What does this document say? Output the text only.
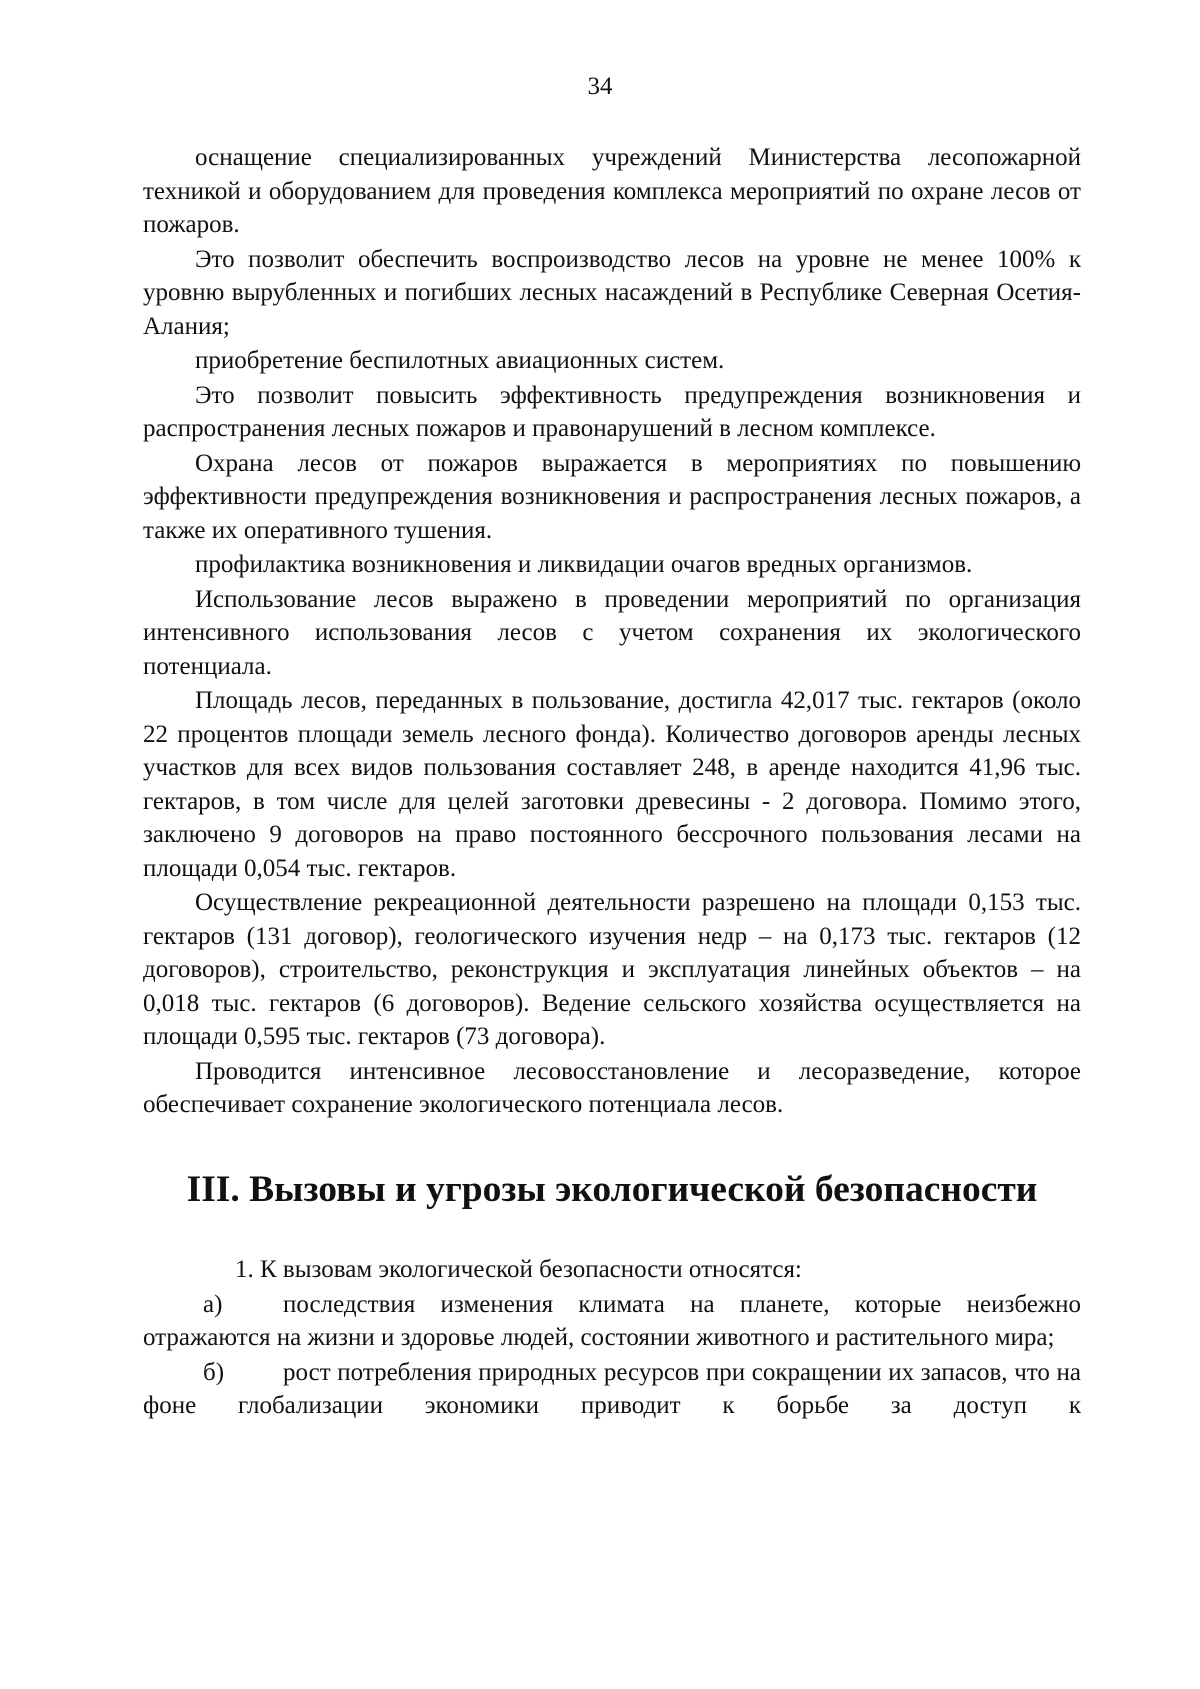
34

оснащение специализированных учреждений Министерства лесопожарной техникой и оборудованием для проведения комплекса мероприятий по охране лесов от пожаров.

Это позволит обеспечить воспроизводство лесов на уровне не менее 100% к уровню вырубленных и погибших лесных насаждений в Республике Северная Осетия-Алания;

приобретение беспилотных авиационных систем.

Это позволит повысить эффективность предупреждения возникновения и распространения лесных пожаров и правонарушений в лесном комплексе.

Охрана лесов от пожаров выражается в мероприятиях по повышению эффективности предупреждения возникновения и распространения лесных пожаров, а также их оперативного тушения.

профилактика возникновения и ликвидации очагов вредных организмов.

Использование лесов выражено в проведении мероприятий по организация интенсивного использования лесов с учетом сохранения их экологического потенциала.

Площадь лесов, переданных в пользование, достигла 42,017 тыс. гектаров (около 22 процентов площади земель лесного фонда). Количество договоров аренды лесных участков для всех видов пользования составляет 248, в аренде находится 41,96 тыс. гектаров, в том числе для целей заготовки древесины - 2 договора. Помимо этого, заключено 9 договоров на право постоянного бессрочного пользования лесами на площади 0,054 тыс. гектаров.

Осуществление рекреационной деятельности разрешено на площади 0,153 тыс. гектаров (131 договор), геологического изучения недр – на 0,173 тыс. гектаров (12 договоров), строительство, реконструкция и эксплуатация линейных объектов – на 0,018 тыс. гектаров (6 договоров). Ведение сельского хозяйства осуществляется на площади 0,595 тыс. гектаров (73 договора).

Проводится интенсивное лесовосстановление и лесоразведение, которое обеспечивает сохранение экологического потенциала лесов.

III. Вызовы и угрозы экологической безопасности

1. К вызовам экологической безопасности относятся:

а) последствия изменения климата на планете, которые неизбежно отражаются на жизни и здоровье людей, состоянии животного и растительного мира;

б) рост потребления природных ресурсов при сокращении их запасов, что на фоне глобализации экономики приводит к борьбе за доступ к
